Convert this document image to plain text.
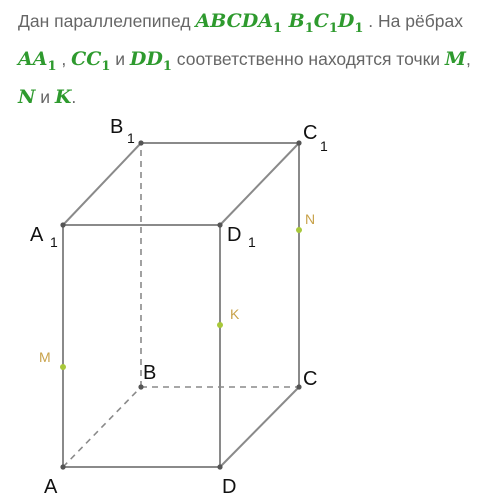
Дан параллелепипед $ABCDA_1$ $B_1C_1D_1$ . На рёбрах $AA_1$ , $CC_1$ и $DD_1$ соответственно находятся точки M, N и K.

A	D
C
B
A 1	D 1
B 1	C
1
M
K
N
